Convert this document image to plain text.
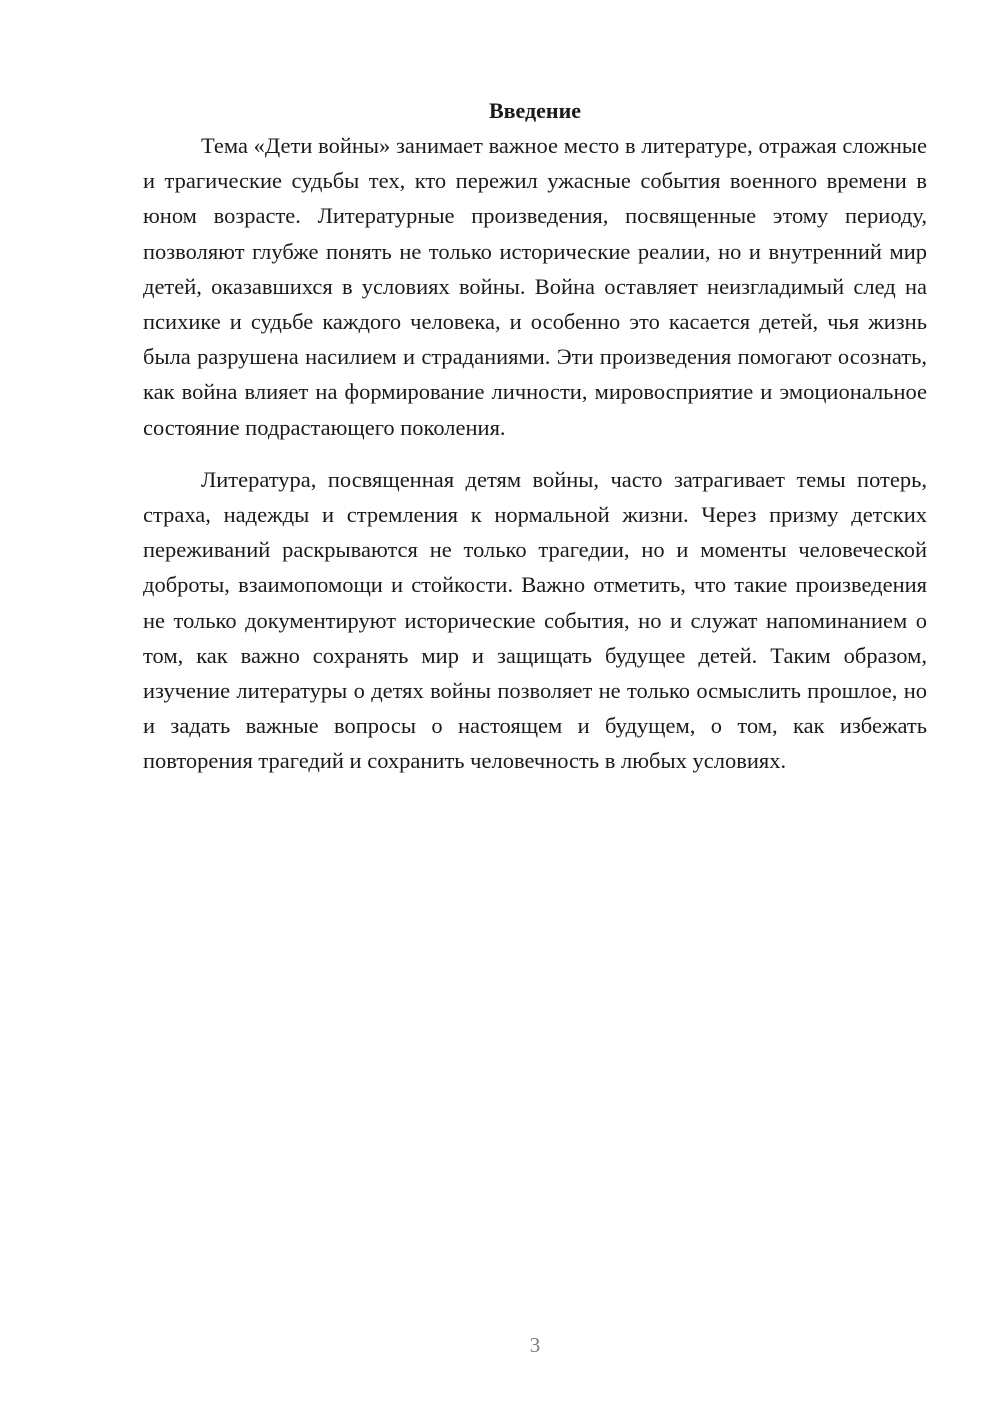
Введение

Тема «Дети войны» занимает важное место в литературе, отражая сложные и трагические судьбы тех, кто пережил ужасные события военного времени в юном возрасте. Литературные произведения, посвященные этому периоду, позволяют глубже понять не только исторические реалии, но и внутренний мир детей, оказавшихся в условиях войны. Война оставляет неизгладимый след на психике и судьбе каждого человека, и особенно это касается детей, чья жизнь была разрушена насилием и страданиями. Эти произведения помогают осознать, как война влияет на формирование личности, мировосприятие и эмоциональное состояние подрастающего поколения.

Литература, посвященная детям войны, часто затрагивает темы потерь, страха, надежды и стремления к нормальной жизни. Через призму детских переживаний раскрываются не только трагедии, но и моменты человеческой доброты, взаимопомощи и стойкости. Важно отметить, что такие произведения не только документируют исторические события, но и служат напоминанием о том, как важно сохранять мир и защищать будущее детей. Таким образом, изучение литературы о детях войны позволяет не только осмыслить прошлое, но и задать важные вопросы о настоящем и будущем, о том, как избежать повторения трагедий и сохранить человечность в любых условиях.

3
